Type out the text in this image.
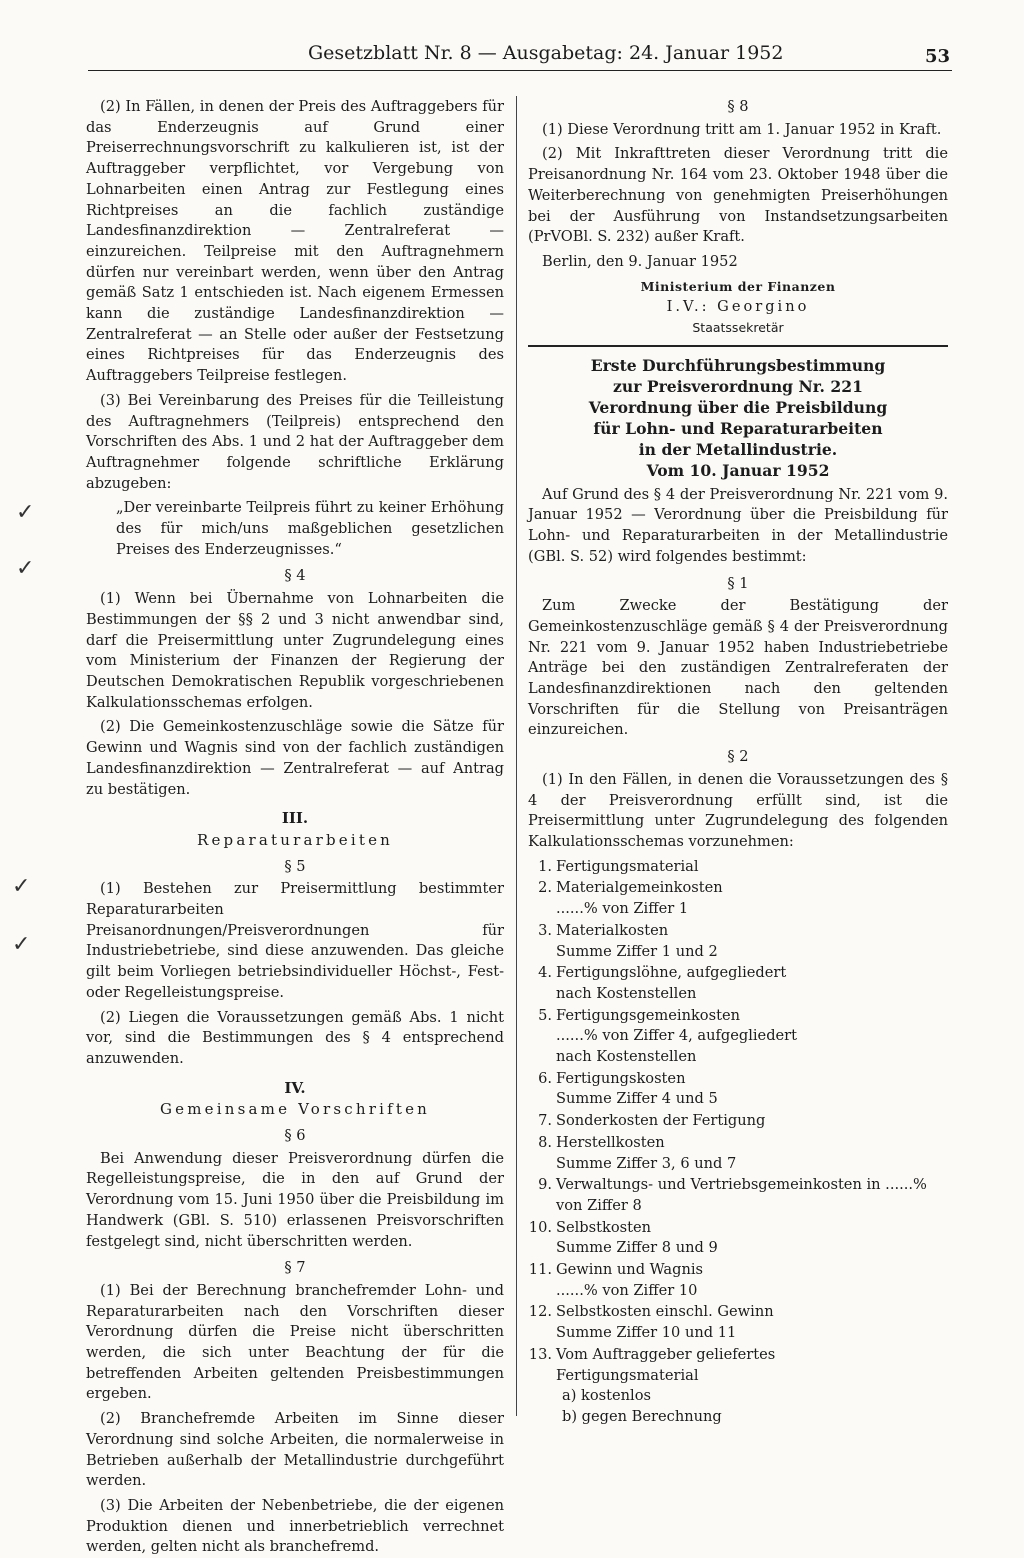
Gesetzblatt Nr. 8 — Ausgabetag: 24. Januar 1952	53

(2) In Fällen, in denen der Preis des Auftraggebers für das Enderzeugnis auf Grund einer Preiserrechnungsvorschrift zu kalkulieren ist, ist der Auftraggeber verpflichtet, vor Vergebung von Lohnarbeiten einen Antrag zur Festlegung eines Richtpreises an die fachlich zuständige Landesfinanzdirektion — Zentralreferat — einzureichen. Teilpreise mit den Auftragnehmern dürfen nur vereinbart werden, wenn über den Antrag gemäß Satz 1 entschieden ist. Nach eigenem Ermessen kann die zuständige Landesfinanzdirektion — Zentralreferat — an Stelle oder außer der Festsetzung eines Richtpreises für das Enderzeugnis des Auftraggebers Teilpreise festlegen.

(3) Bei Vereinbarung des Preises für die Teilleistung des Auftragnehmers (Teilpreis) entsprechend den Vorschriften des Abs. 1 und 2 hat der Auftraggeber dem Auftragnehmer folgende schriftliche Erklärung abzugeben:

„Der vereinbarte Teilpreis führt zu keiner Erhöhung des für mich/uns maßgeblichen gesetzlichen Preises des Enderzeugnisses.“

§ 4

(1) Wenn bei Übernahme von Lohnarbeiten die Bestimmungen der §§ 2 und 3 nicht anwendbar sind, darf die Preisermittlung unter Zugrundelegung eines vom Ministerium der Finanzen der Regierung der Deutschen Demokratischen Republik vorgeschriebenen Kalkulationsschemas erfolgen.

(2) Die Gemeinkostenzuschläge sowie die Sätze für Gewinn und Wagnis sind von der fachlich zuständigen Landesfinanzdirektion — Zentralreferat — auf Antrag zu bestätigen.

III.
Reparaturarbeiten
§ 5

(1) Bestehen zur Preisermittlung bestimmter Reparaturarbeiten Preisanordnungen/Preisverordnungen für Industriebetriebe, sind diese anzuwenden. Das gleiche gilt beim Vorliegen betriebsindividueller Höchst-, Fest- oder Regelleistungspreise.

(2) Liegen die Voraussetzungen gemäß Abs. 1 nicht vor, sind die Bestimmungen des § 4 entsprechend anzuwenden.

IV.
Gemeinsame Vorschriften
§ 6

Bei Anwendung dieser Preisverordnung dürfen die Regelleistungspreise, die in den auf Grund der Verordnung vom 15. Juni 1950 über die Preisbildung im Handwerk (GBl. S. 510) erlassenen Preisvorschriften festgelegt sind, nicht überschritten werden.

§ 7

(1) Bei der Berechnung branchefremder Lohn- und Reparaturarbeiten nach den Vorschriften dieser Verordnung dürfen die Preise nicht überschritten werden, die sich unter Beachtung der für die betreffenden Arbeiten geltenden Preisbestimmungen ergeben.

(2) Branchefremde Arbeiten im Sinne dieser Verordnung sind solche Arbeiten, die normalerweise in Betrieben außerhalb der Metallindustrie durchgeführt werden.

(3) Die Arbeiten der Nebenbetriebe, die der eigenen Produktion dienen und innerbetrieblich verrechnet werden, gelten nicht als branchefremd.

§ 8

(1) Diese Verordnung tritt am 1. Januar 1952 in Kraft.

(2) Mit Inkrafttreten dieser Verordnung tritt die Preisanordnung Nr. 164 vom 23. Oktober 1948 über die Weiterberechnung von genehmigten Preiserhöhungen bei der Ausführung von Instandsetzungsarbeiten (PrVOBl. S. 232) außer Kraft.

Berlin, den 9. Januar 1952

Ministerium der Finanzen
I.V.: Georgino
Staatssekretär
Erste Durchführungsbestimmung
zur Preisverordnung Nr. 221
Verordnung über die Preisbildung
für Lohn- und Reparaturarbeiten
in der Metallindustrie.
Vom 10. Januar 1952

Auf Grund des § 4 der Preisverordnung Nr. 221 vom 9. Januar 1952 — Verordnung über die Preisbildung für Lohn- und Reparaturarbeiten in der Metallindustrie (GBl. S. 52) wird folgendes bestimmt:

§ 1

Zum Zwecke der Bestätigung der Gemeinkostenzuschläge gemäß § 4 der Preisverordnung Nr. 221 vom 9. Januar 1952 haben Industriebetriebe Anträge bei den zuständigen Zentralreferaten der Landesfinanzdirektionen nach den geltenden Vorschriften für die Stellung von Preisanträgen einzureichen.

§ 2

(1) In den Fällen, in denen die Voraussetzungen des § 4 der Preisverordnung erfüllt sind, ist die Preisermittlung unter Zugrundelegung des folgenden Kalkulationsschemas vorzunehmen:

1. Fertigungsmaterial
2. Materialgemeinkosten
......% von Ziffer 1
3. Materialkosten
Summe Ziffer 1 und 2
4. Fertigungslöhne, aufgegliedert
nach Kostenstellen
5. Fertigungsgemeinkosten
......% von Ziffer 4, aufgegliedert
nach Kostenstellen
6. Fertigungskosten
Summe Ziffer 4 und 5
7. Sonderkosten der Fertigung
8. Herstellkosten
Summe Ziffer 3, 6 und 7
9. Verwaltungs- und Vertriebsgemeinkosten in ......%
von Ziffer 8
10. Selbstkosten
Summe Ziffer 8 und 9
11. Gewinn und Wagnis
......% von Ziffer 10
12. Selbstkosten einschl. Gewinn
Summe Ziffer 10 und 11
13. Vom Auftraggeber geliefertes
Fertigungsmaterial
a) kostenlos
b) gegen Berechnung
✓
✓
✓
✓
